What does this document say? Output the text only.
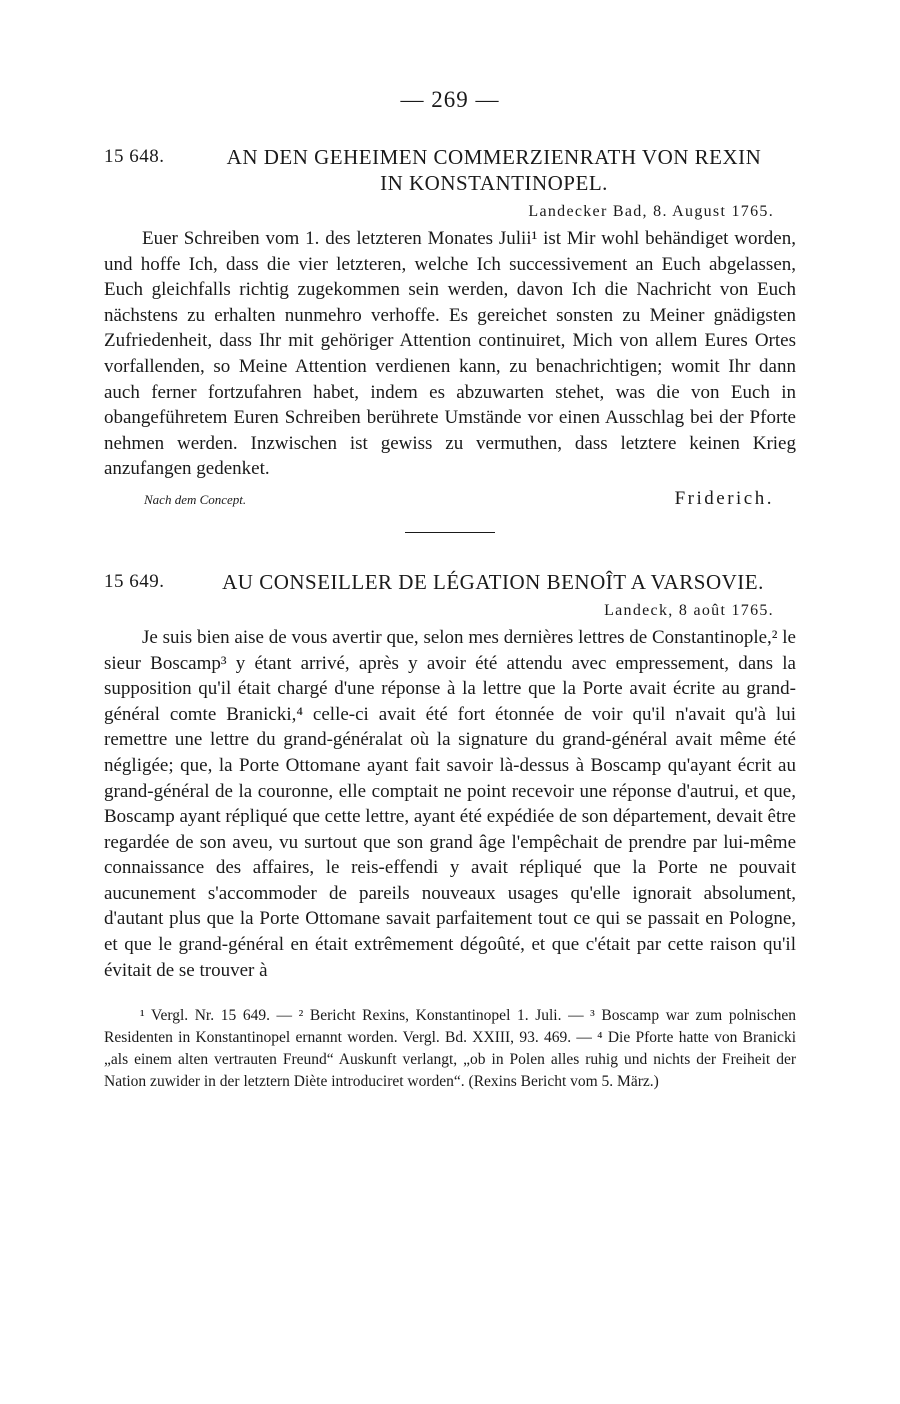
— 269 —
15 648.	AN DEN GEHEIMEN COMMERZIENRATH VON REXIN
IN KONSTANTINOPEL.
Landecker Bad, 8. August 1765.

Euer Schreiben vom 1. des letzteren Monates Julii¹ ist Mir wohl behändiget worden, und hoffe Ich, dass die vier letzteren, welche Ich successivement an Euch abgelassen, Euch gleichfalls richtig zugekommen sein werden, davon Ich die Nachricht von Euch nächstens zu erhalten nunmehro verhoffe. Es gereichet sonsten zu Meiner gnädigsten Zufriedenheit, dass Ihr mit gehöriger Attention continuiret, Mich von allem Eures Ortes vorfallenden, so Meine Attention verdienen kann, zu benachrichtigen; womit Ihr dann auch ferner fortzufahren habet, indem es abzuwarten stehet, was die von Euch in obangeführetem Euren Schreiben berührete Umstände vor einen Ausschlag bei der Pforte nehmen werden. Inzwischen ist gewiss zu vermuthen, dass letztere keinen Krieg anzufangen gedenket.

Nach dem Concept.	Friderich.
15 649.	AU CONSEILLER DE LÉGATION BENOÎT A VARSOVIE.
Landeck, 8 août 1765.

Je suis bien aise de vous avertir que, selon mes dernières lettres de Constantinople,² le sieur Boscamp³ y étant arrivé, après y avoir été attendu avec empressement, dans la supposition qu'il était chargé d'une réponse à la lettre que la Porte avait écrite au grand-général comte Branicki,⁴ celle-ci avait été fort étonnée de voir qu'il n'avait qu'à lui remettre une lettre du grand-généralat où la signature du grand-général avait même été négligée; que, la Porte Ottomane ayant fait savoir là-dessus à Boscamp qu'ayant écrit au grand-général de la couronne, elle comptait ne point recevoir une réponse d'autrui, et que, Boscamp ayant répliqué que cette lettre, ayant été expédiée de son département, devait être regardée de son aveu, vu surtout que son grand âge l'empêchait de prendre par lui-même connaissance des affaires, le reis-effendi y avait répliqué que la Porte ne pouvait aucunement s'accommoder de pareils nouveaux usages qu'elle ignorait absolument, d'autant plus que la Porte Ottomane savait parfaitement tout ce qui se passait en Pologne, et que le grand-général en était extrêmement dégoûté, et que c'était par cette raison qu'il évitait de se trouver à

¹ Vergl. Nr. 15 649. — ² Bericht Rexins, Konstantinopel 1. Juli. — ³ Boscamp war zum polnischen Residenten in Konstantinopel ernannt worden. Vergl. Bd. XXIII, 93. 469. — ⁴ Die Pforte hatte von Branicki „als einem alten vertrauten Freund“ Auskunft verlangt, „ob in Polen alles ruhig und nichts der Freiheit der Nation zuwider in der letztern Diète introduciret worden“. (Rexins Bericht vom 5. März.)
